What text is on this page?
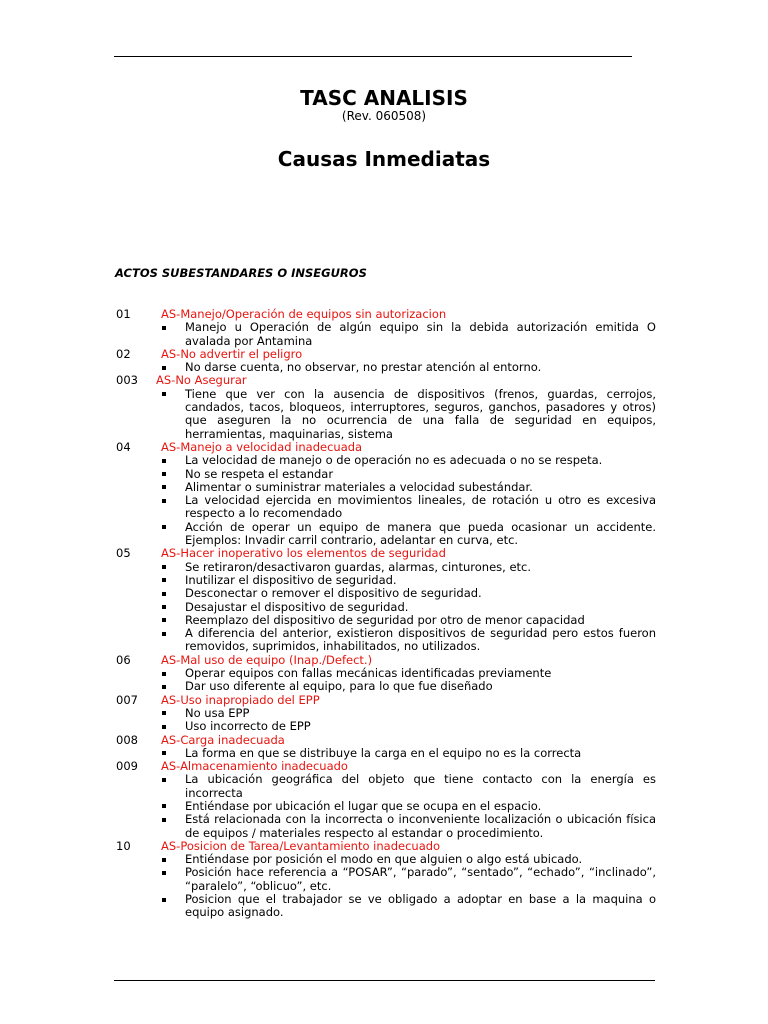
TASC ANALISIS
(Rev. 060508)
Causas Inmediatas
ACTOS SUBESTANDARES O INSEGUROS
01	AS-Manejo/Operación de equipos sin autorizacion
Manejo u Operación de algún equipo sin la debida autorización emitida O avalada por Antamina
02	AS-No advertir el peligro
No darse cuenta, no observar, no prestar atención al entorno.
003 AS-No Asegurar
Tiene que ver con la ausencia de dispositivos (frenos, guardas, cerrojos, candados, tacos, bloqueos, interruptores, seguros, ganchos, pasadores y otros) que aseguren la no ocurrencia de una falla de seguridad en equipos, herramientas, maquinarias, sistema
04	AS-Manejo a velocidad inadecuada
La velocidad de manejo o de operación no es adecuada o no se respeta.
No se respeta el estandar
Alimentar o suministrar materiales a velocidad subestándar.
La velocidad ejercida en movimientos lineales, de rotación u otro es excesiva respecto a lo recomendado
Acción de operar un equipo de manera que pueda ocasionar un accidente. Ejemplos: Invadir carril contrario, adelantar en curva, etc.
05	AS-Hacer inoperativo los elementos de seguridad
Se retiraron/desactivaron guardas, alarmas, cinturones, etc.
Inutilizar el dispositivo de seguridad.
Desconectar o remover el dispositivo de seguridad.
Desajustar el dispositivo de seguridad.
Reemplazo del dispositivo de seguridad por otro de menor capacidad
A diferencia del anterior, existieron dispositivos de seguridad pero estos fueron removidos, suprimidos, inhabilitados, no utilizados.
06	AS-Mal uso de equipo (Inap./Defect.)
Operar equipos con fallas mecánicas identificadas previamente
Dar uso diferente al equipo, para lo que fue diseñado
007 AS-Uso inapropiado del EPP
No usa EPP
Uso incorrecto de EPP
008 AS-Carga inadecuada
La forma en que se distribuye la carga en el equipo no es la correcta
009 AS-Almacenamiento inadecuado
La ubicación geográfica del objeto que tiene contacto con la energía es incorrecta
Entiéndase por ubicación el lugar que se ocupa en el espacio.
Está relacionada con la incorrecta o inconveniente localización o ubicación física de equipos / materiales respecto al estandar o procedimiento.
10	AS-Posicion de Tarea/Levantamiento inadecuado
Entiéndase por posición el modo en que alguien o algo está ubicado.
Posición hace referencia a “POSAR”, “parado”, “sentado”, “echado”, “inclinado”, “paralelo”, “oblicuo”, etc.
Posicion que el trabajador se ve obligado a adoptar en base a la maquina o equipo asignado.
